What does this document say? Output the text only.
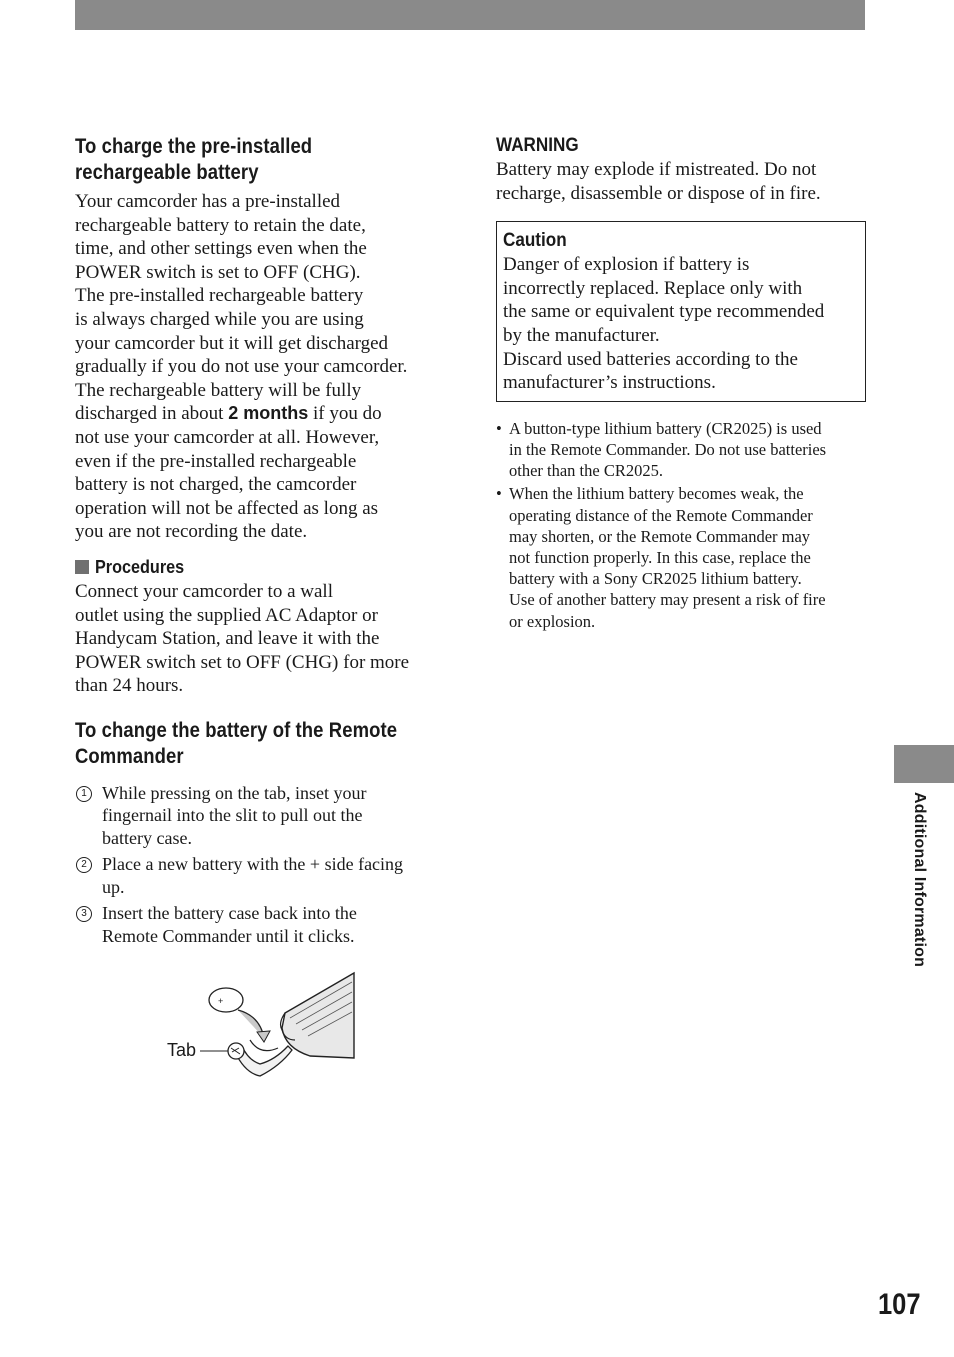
To charge the pre-installed
rechargeable battery

Your camcorder has a pre-installed
rechargeable battery to retain the date,
time, and other settings even when the
POWER switch is set to OFF (CHG).
The pre-installed rechargeable battery
is always charged while you are using
your camcorder but it will get discharged
gradually if you do not use your camcorder.
The rechargeable battery will be fully
discharged in about 2 months if you do
not use your camcorder at all. However,
even if the pre-installed rechargeable
battery is not charged, the camcorder
operation will not be affected as long as
you are not recording the date.

Procedures

Connect your camcorder to a wall
outlet using the supplied AC Adaptor or
Handycam Station, and leave it with the
POWER switch set to OFF (CHG) for more
than 24 hours.

To change the battery of the Remote
Commander
1 While pressing on the tab, inset your
fingernail into the slit to pull out the
battery case.
2 Place a new battery with the + side facing
up.
3 Insert the battery case back into the
Remote Commander until it clicks.
+
Tab
WARNING

Battery may explode if mistreated. Do not
recharge, disassemble or dispose of in fire.

Caution

Danger of explosion if battery is
incorrectly replaced. Replace only with
the same or equivalent type recommended
by the manufacturer.
Discard used batteries according to the
manufacturer’s instructions.

• A button-type lithium battery (CR2025) is used
in the Remote Commander. Do not use batteries
other than the CR2025.
• When the lithium battery becomes weak, the
operating distance of the Remote Commander
may shorten, or the Remote Commander may
not function properly. In this case, replace the
battery with a Sony CR2025 lithium battery.
Use of another battery may present a risk of fire
or explosion.
Additional Information
107
